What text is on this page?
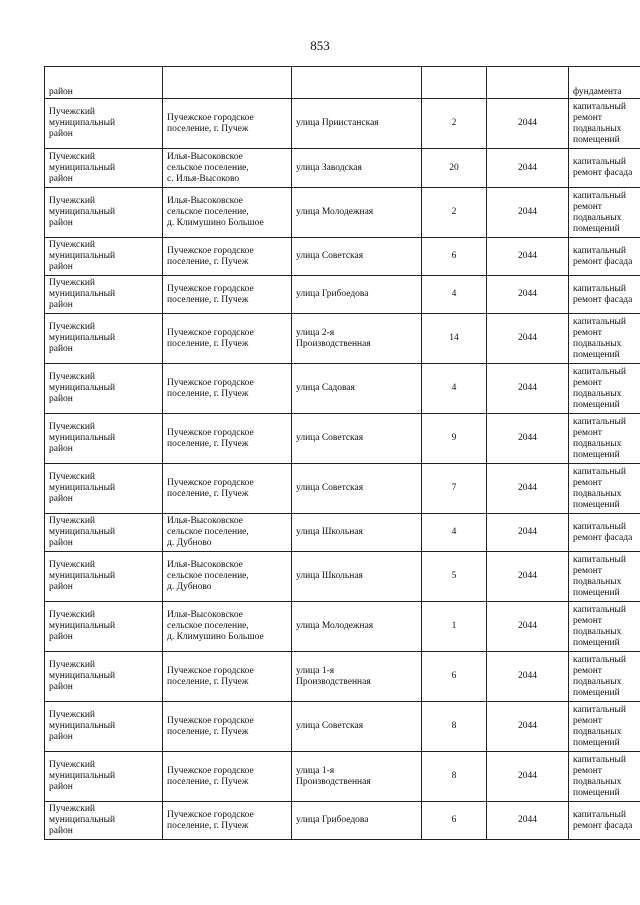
853
район					фундамента

Пучежский
муниципальный
район	Пучежское городское
поселение, г. Пучеж	улица Приистанская	2	2044	капитальный
ремонт
подвальных
помещений

Пучежский
муниципальный
район	Илья-Высоковское
сельское поселение,
с. Илья-Высоково	улица Заводская	20	2044	капитальный
ремонт фасада

Пучежский
муниципальный
район	Илья-Высоковское
сельское поселение,
д. Климушино Большое	улица Молодежная	2	2044	капитальный
ремонт
подвальных
помещений

Пучежский
муниципальный
район	Пучежское городское
поселение, г. Пучеж	улица Советская	6	2044	капитальный
ремонт фасада

Пучежский
муниципальный
район	Пучежское городское
поселение, г. Пучеж	улица Грибоедова	4	2044	капитальный
ремонт фасада

Пучежский
муниципальный
район	Пучежское городское
поселение, г. Пучеж	улица 2-я
Производственная	14	2044	капитальный
ремонт
подвальных
помещений

Пучежский
муниципальный
район	Пучежское городское
поселение, г. Пучеж	улица Садовая	4	2044	капитальный
ремонт
подвальных
помещений

Пучежский
муниципальный
район	Пучежское городское
поселение, г. Пучеж	улица Советская	9	2044	капитальный
ремонт
подвальных
помещений

Пучежский
муниципальный
район	Пучежское городское
поселение, г. Пучеж	улица Советская	7	2044	капитальный
ремонт
подвальных
помещений

Пучежский
муниципальный
район	Илья-Высоковское
сельское поселение,
д. Дубново	улица Школьная	4	2044	капитальный
ремонт фасада

Пучежский
муниципальный
район	Илья-Высоковское
сельское поселение,
д. Дубново	улица Школьная	5	2044	капитальный
ремонт
подвальных
помещений

Пучежский
муниципальный
район	Илья-Высоковское
сельское поселение,
д. Климушино Большое	улица Молодежная	1	2044	капитальный
ремонт
подвальных
помещений

Пучежский
муниципальный
район	Пучежское городское
поселение, г. Пучеж	улица 1-я
Производственная	6	2044	капитальный
ремонт
подвальных
помещений

Пучежский
муниципальный
район	Пучежское городское
поселение, г. Пучеж	улица Советская	8	2044	капитальный
ремонт
подвальных
помещений

Пучежский
муниципальный
район	Пучежское городское
поселение, г. Пучеж	улица 1-я
Производственная	8	2044	капитальный
ремонт
подвальных
помещений

Пучежский
муниципальный
район	Пучежское городское
поселение, г. Пучеж	улица Грибоедова	6	2044	капитальный
ремонт фасада
